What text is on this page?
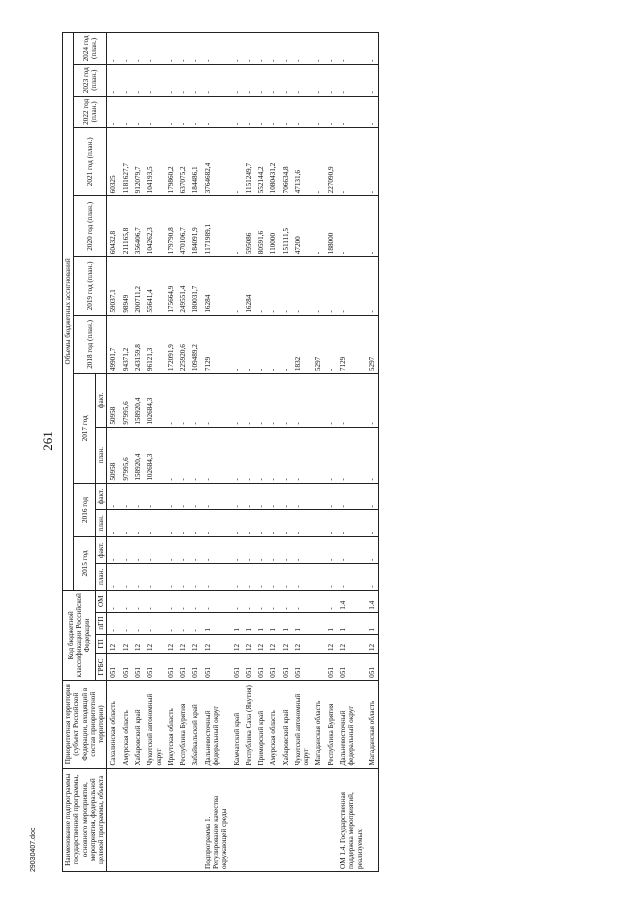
261
Наименование подпрограммы государственной программы, основного мероприятия, мероприятия, федеральной целевой программы, объекта	Приоритетная территория (субъект Российской Федерации, входящий в состав приоритетной территории)	Код бюджетной классификации Российской Федерации				Объемы бюджетных ассигнований												
						2015 год		2016 год		2017 год		2018 год (план.)	2019 год (план.)	2020 год (план.)	2021 год (план.)	2022 год (план.)	2023 год (план.)	2024 год (план.)
		ГРБС	ГП	пГП	ОМ	план.	факт.	план.	факт.	план.	факт.							
	Сахалинская область	051	12	-	-	-	-	-	-	50958	50958	49901,7	59037,1	60432,8	60325	-	-	-
	Амурская область	051	12	-	-	-	-	-	-	97995,6	97995,6	94371,2	98949	211165,8	1181627,7	-	-	-
	Хабаровский край	051	12	-	-	-	-	-	-	158920,4	158920,4	243159,8	200711,2	356406,7	912079,7	-	-	-
	Чукотский автономный округ	051	12	-	-	-	-	-	-	102684,3	102684,3	96121,3	55641,4	104262,3	104193,5	-	-	-
	Иркутская область	051	12	-	-	-	-	-	-	-	-	172091,9	175664,9	179790,8	179860,2	-	-	-
	Республика Бурятия	051	12	-	-	-	-	-	-	-	-	225920,6	249551,4	470106,7	637075,2	-	-	-
	Забайкальский край	051	12	-	-	-	-	-	-	-	-	109489,2	180031,7	184091,9	184486,1	-	-	-
Подпрограмма 1. Регулирование качества окружающей среды	Дальневосточный федеральный округ	051	12	1	-	-	-	-	-	-	-	7129	16284	1171989,1	3764682,4	-	-	-
	Камчатский край	051	12	1	-	-	-	-	-	-	-	-	-	-	-	-	-	-
	Республика Саха (Якутия)	051	12	1	-	-	-	-	-	-	-	-	16284	595086	1151249,7	-	-	-
	Приморский край	051	12	1	-	-	-	-	-	-	-	-	-	80591,6	552144,2	-	-	-
	Амурская область	051	12	1	-	-	-	-	-	-	-	-	-	110000	1080431,2	-	-	-
	Хабаровский край	051	12	1	-	-	-	-	-	-	-	-	-	151111,5	706634,8	-	-	-
	Чукотский автономный округ	051	12	1	-	-	-	-	-	-	-	1832	-	47200	47131,6	-	-	-
	Магаданская область											5297	-	-	-	-	-	-
	Республика Бурятия	051	12	1	-	-	-	-	-	-	-	-	-	188000	227090,9	-	-	-
ОМ 1.4. Государственная поддержка мероприятий, реализуемых	Дальневосточный федеральный округ	051	12	1	1.4	-	-	-	-	-	-	7129	-	-	-	-	-	-
	Магаданская область	051	12	1	1.4	-	-	-	-	-	-	5297	-	-	-	-	-	-
29030407.doc
